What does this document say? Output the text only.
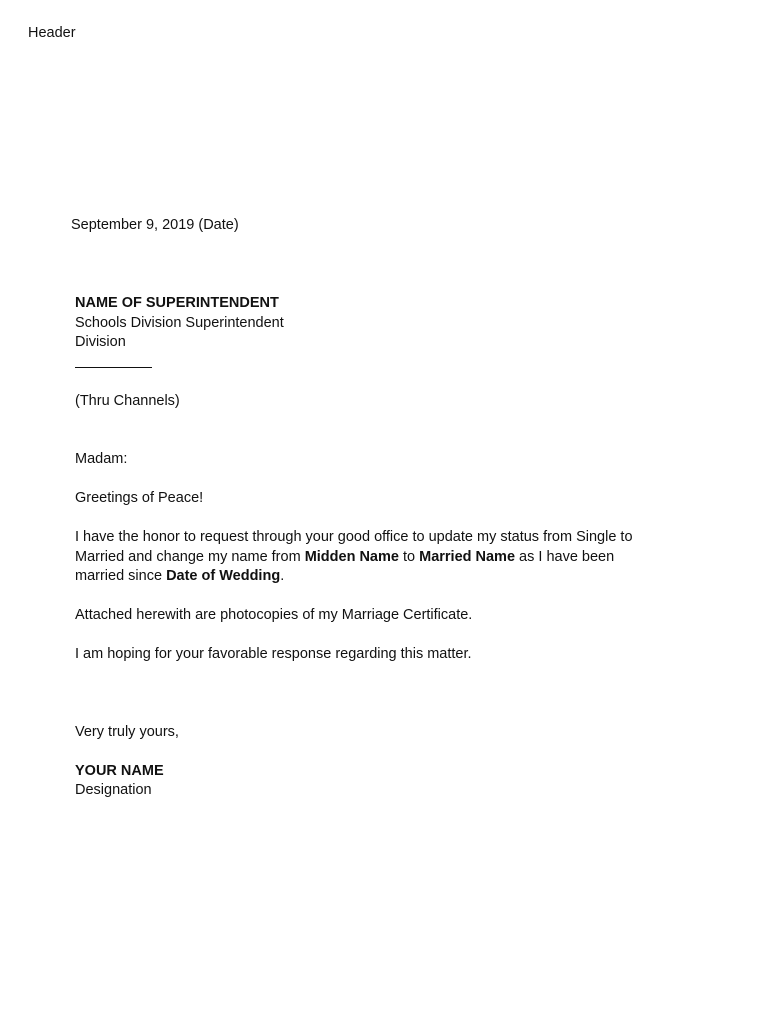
Header
September 9, 2019 (Date)
NAME OF SUPERINTENDENT
Schools Division Superintendent
Division
(Thru Channels)
Madam:
Greetings of Peace!
I have the honor to request through your good office to update my status from Single to
Married and change my name from Midden Name to Married Name as I have been
married since Date of Wedding.
Attached herewith are photocopies of my Marriage Certificate.
I am hoping for your favorable response regarding this matter.
Very truly yours,
YOUR NAME
Designation
